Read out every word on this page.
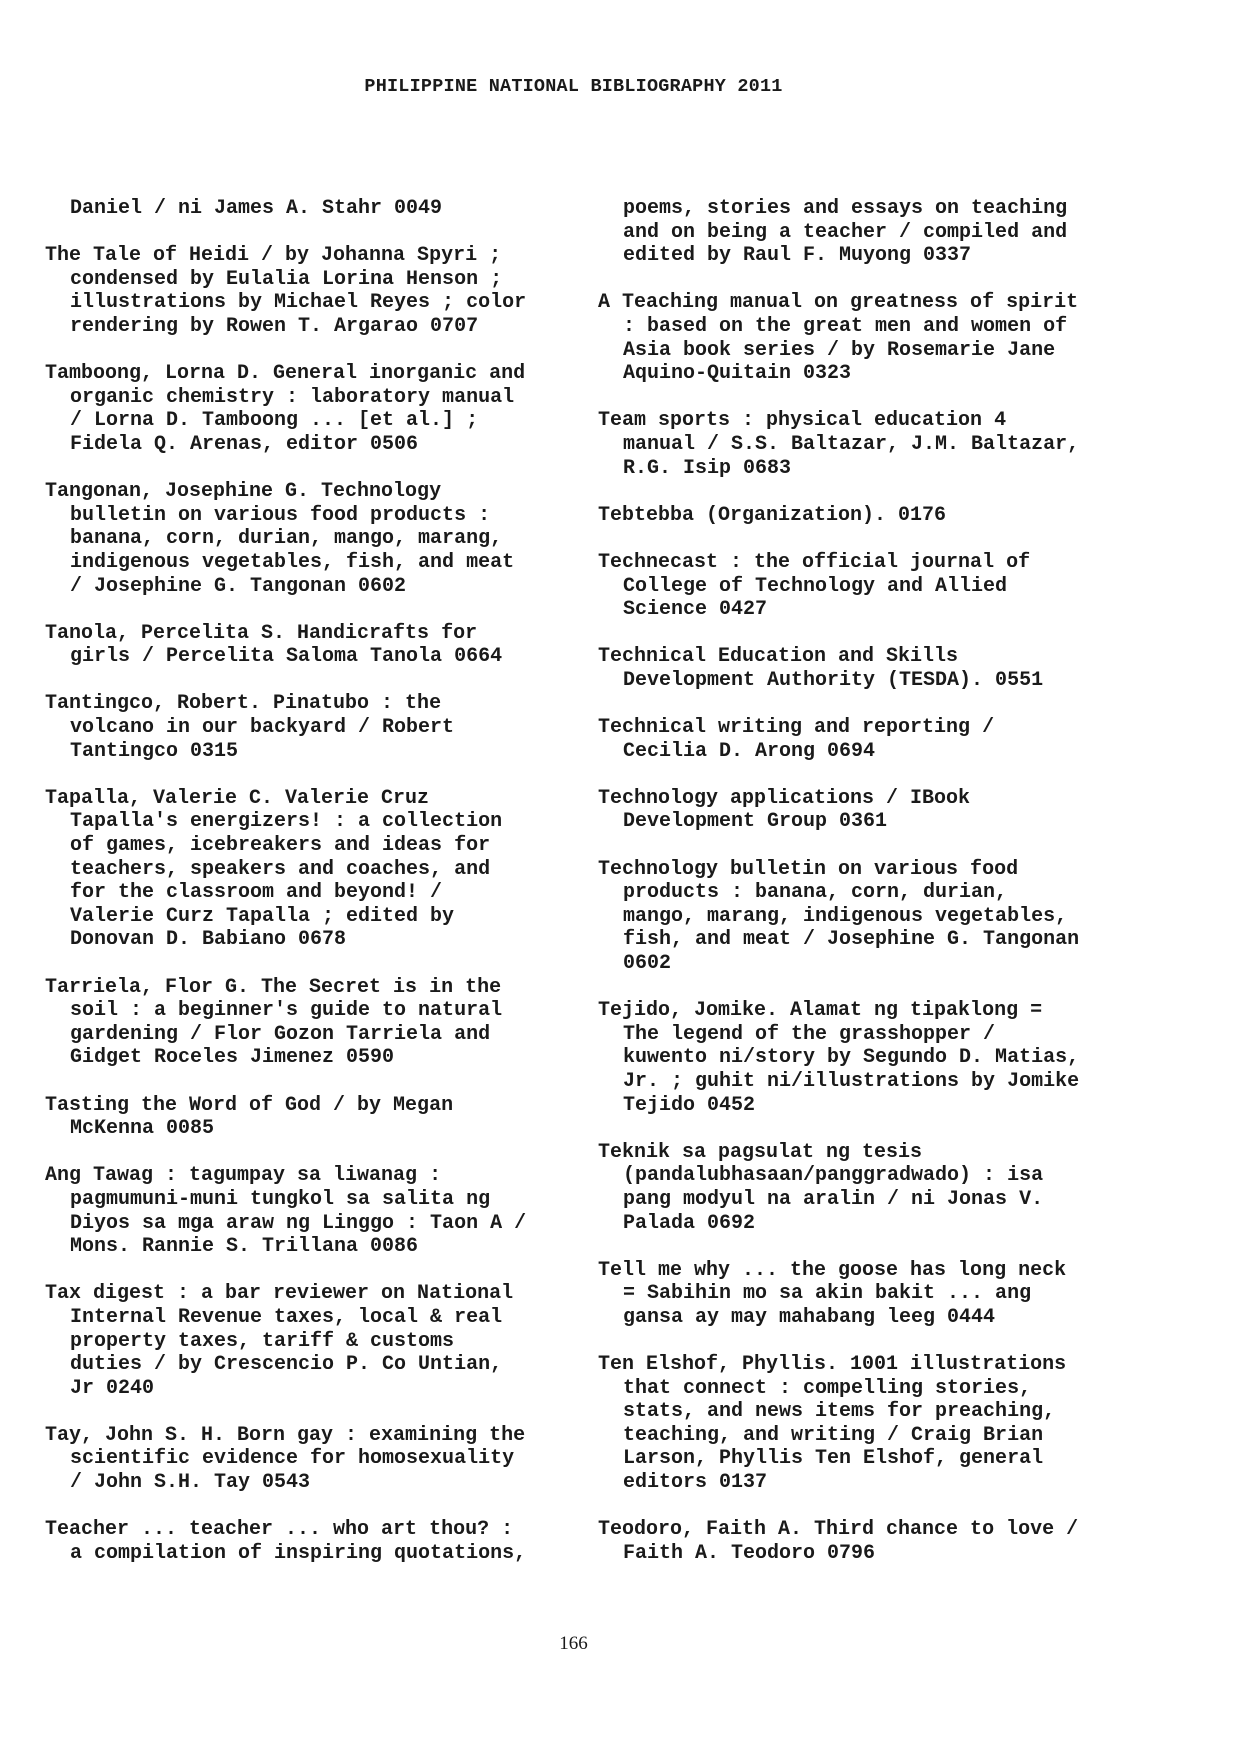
PHILIPPINE NATIONAL BIBLIOGRAPHY 2011

Daniel / ni James A. Stahr 0049

The Tale of Heidi / by Johanna Spyri ;
condensed by Eulalia Lorina Henson ;
illustrations by Michael Reyes ; color
rendering by Rowen T. Argarao 0707

Tamboong, Lorna D. General inorganic and
organic chemistry : laboratory manual
/ Lorna D. Tamboong ... [et al.] ;
Fidela Q. Arenas, editor 0506

Tangonan, Josephine G. Technology
bulletin on various food products :
banana, corn, durian, mango, marang,
indigenous vegetables, fish, and meat
/ Josephine G. Tangonan 0602

Tanola, Percelita S. Handicrafts for
girls / Percelita Saloma Tanola 0664

Tantingco, Robert. Pinatubo : the
volcano in our backyard / Robert
Tantingco 0315

Tapalla, Valerie C. Valerie Cruz
Tapalla's energizers! : a collection
of games, icebreakers and ideas for
teachers, speakers and coaches, and
for the classroom and beyond! /
Valerie Curz Tapalla ; edited by
Donovan D. Babiano 0678

Tarriela, Flor G. The Secret is in the
soil : a beginner's guide to natural
gardening / Flor Gozon Tarriela and
Gidget Roceles Jimenez 0590

Tasting the Word of God / by Megan
McKenna 0085

Ang Tawag : tagumpay sa liwanag :
pagmumuni-muni tungkol sa salita ng
Diyos sa mga araw ng Linggo : Taon A /
Mons. Rannie S. Trillana 0086

Tax digest : a bar reviewer on National
Internal Revenue taxes, local & real
property taxes, tariff & customs
duties / by Crescencio P. Co Untian,
Jr 0240

Tay, John S. H. Born gay : examining the
scientific evidence for homosexuality
/ John S.H. Tay 0543

Teacher ... teacher ... who art thou? :
a compilation of inspiring quotations,

poems, stories and essays on teaching
and on being a teacher / compiled and
edited by Raul F. Muyong 0337

A Teaching manual on greatness of spirit
: based on the great men and women of
Asia book series / by Rosemarie Jane
Aquino-Quitain 0323

Team sports : physical education 4
manual / S.S. Baltazar, J.M. Baltazar,
R.G. Isip 0683

Tebtebba (Organization). 0176

Technecast : the official journal of
College of Technology and Allied
Science 0427

Technical Education and Skills
Development Authority (TESDA). 0551

Technical writing and reporting /
Cecilia D. Arong 0694

Technology applications / IBook
Development Group 0361

Technology bulletin on various food
products : banana, corn, durian,
mango, marang, indigenous vegetables,
fish, and meat / Josephine G. Tangonan
0602

Tejido, Jomike. Alamat ng tipaklong =
The legend of the grasshopper /
kuwento ni/story by Segundo D. Matias,
Jr. ; guhit ni/illustrations by Jomike
Tejido 0452

Teknik sa pagsulat ng tesis
(pandalubhasaan/panggradwado) : isa
pang modyul na aralin / ni Jonas V.
Palada 0692

Tell me why ... the goose has long neck
= Sabihin mo sa akin bakit ... ang
gansa ay may mahabang leeg 0444

Ten Elshof, Phyllis. 1001 illustrations
that connect : compelling stories,
stats, and news items for preaching,
teaching, and writing / Craig Brian
Larson, Phyllis Ten Elshof, general
editors 0137

Teodoro, Faith A. Third chance to love /
Faith A. Teodoro 0796

166
